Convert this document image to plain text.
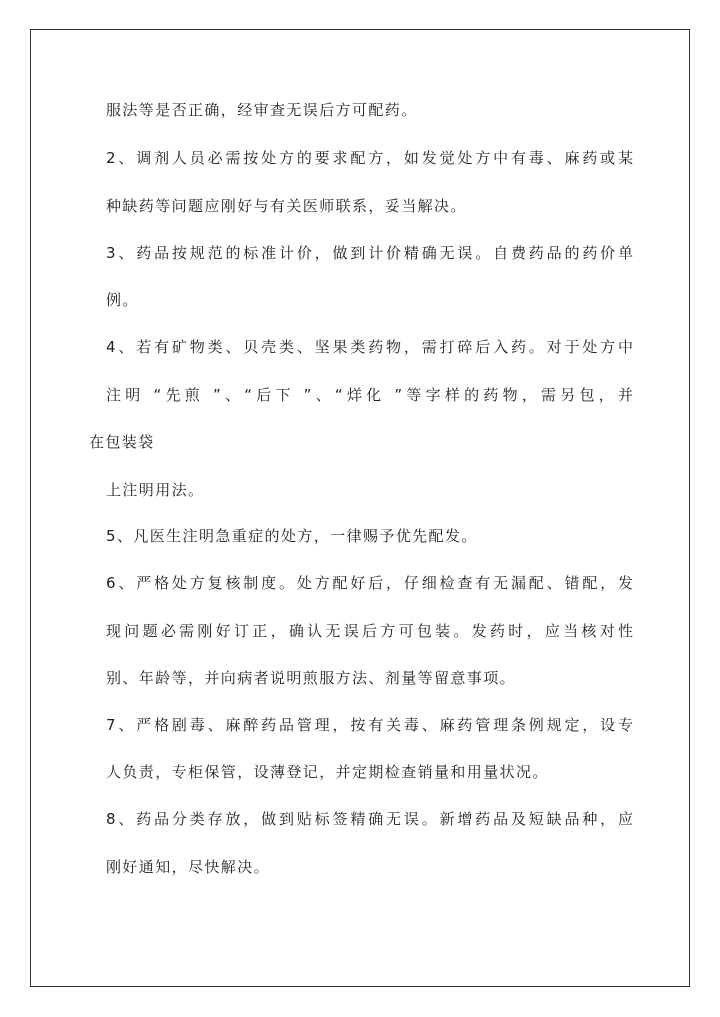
服法等是否正确，经审查无误后方可配药。
2、调剂人员必需按处方的要求配方，如发觉处方中有毒、麻药或某
种缺药等问题应刚好与有关医师联系，妥当解决。
3、药品按规范的标准计价，做到计价精确无误。自费药品的药价单
例。
4、若有矿物类、贝壳类、坚果类药物，需打碎后入药。对于处方中
注明 “先煎 ”、“后下 ”、“烊化 ”等字样的药物，需另包，并
在包装袋
上注明用法。
5、凡医生注明急重症的处方，一律赐予优先配发。
6、严格处方复核制度。处方配好后，仔细检查有无漏配、错配，发
现问题必需刚好订正，确认无误后方可包装。发药时，应当核对性
别、年龄等，并向病者说明煎服方法、剂量等留意事项。
7、严格剧毒、麻醉药品管理，按有关毒、麻药管理条例规定，设专
人负责，专柜保管，设薄登记，并定期检查销量和用量状况。
8、药品分类存放，做到贴标签精确无误。新增药品及短缺品种，应
刚好通知，尽快解决。
